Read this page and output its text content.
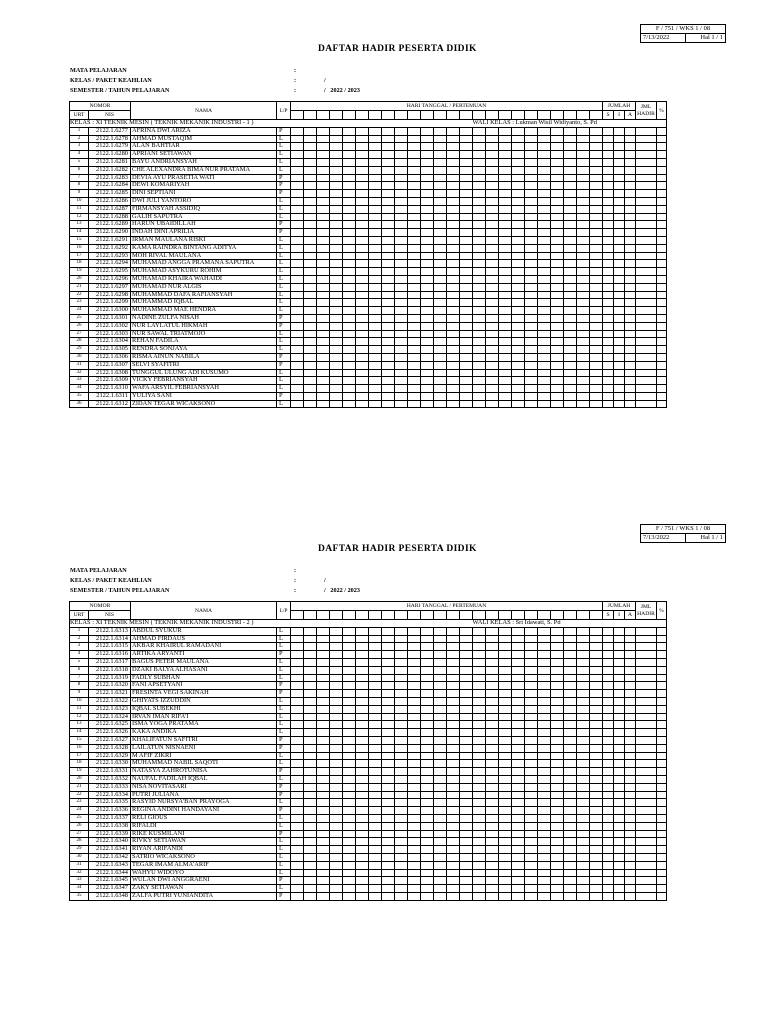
F / 751 / WKS 1 / 08
7/13/2022	Hal 1 / 1
DAFTAR HADIR PESERTA DIDIK
MATA PELAJARAN	:
KELAS / PAKET KEAHLIAN	:	/
SEMESTER / TAHUN PELAJARAN	:	/ 2022 / 2023
NOMOR		NAMA	L/P	HARI TANGGAL / PERTEMUAN																								JUMLAH			JML
HADIR	%
URT	NIS																											S	I	A		
KELAS : XI TEKNIK MESIN ( TEKNIK MEKANIK INDUSTRI - 1 )																		WALI KELAS : Lukman Wisil Widiyanto, S. Pd														
1	2122.1.6277	AFRINA DWI ARIZA	P																													
2	2122.1.6278	AHMAD MUSTAQIM	L																													
3	2122.1.6279	ALAN BAHTIAR	L																													
4	2122.1.6280	APRIANI SETIAWAN	L																													
5	2122.1.6281	BAYU ANDRIANSYAH	L																													
6	2122.1.6282	CHE ALEXANDRA BIMA NUR PRATAMA	L																													
7	2122.1.6283	DEVIA AYU PRASETIA WATI	P																													
8	2122.1.6284	DEWI KOMARIYAH	P																													
9	2122.1.6285	DINI SEPTIANI	P																													
10	2122.1.6286	DWI JULI YANTORO	L																													
11	2122.1.6287	FIRMANSYAH ASSIDIQ	L																													
12	2122.1.6288	GALIH SAPUTRA	L																													
13	2122.1.6289	HARUN UBAIDILLAH	P																													
14	2122.1.6290	INDAH DINI APRILIA	P																													
15	2122.1.6291	IRMAN MAULANA RISKI	L																													
16	2122.1.6292	KAMA RAINDRA BINTANG ADITYA	L																													
17	2122.1.6293	MOH RIVAL MAULANA	L																													
18	2122.1.6294	MUHAMAD ANGGA PRAMANA SAPUTRA	L																													
19	2122.1.6295	MUHAMAD ASYKURU ROHIM	L																													
20	2122.1.6296	MUHAMAD KHAIRA WAHAIDI	L																													
21	2122.1.6297	MUHAMAD NUR ALGIS	L																													
22	2122.1.6298	MUHAMMAD DAFA RAFIANSYAH	L																													
23	2122.1.6299	MUHAMMAD IQBAL	L																													
24	2122.1.6300	MUHAMMAD MAE HENDRA	L																													
25	2122.1.6301	NADINE ZULFA NISAH	P																													
26	2122.1.6302	NUR LAYLATUL HIKMAH	P																													
27	2122.1.6303	NUR SAWAL TRIATMOJO	L																													
28	2122.1.6304	REHAN FADILA	L																													
29	2122.1.6305	RENDRA SONJAYA	L																													
30	2122.1.6306	RISMA AINUN NABILA	P																													
31	2122.1.6307	SELVI SYAFITRI	P																													
32	2122.1.6308	TUNGGUL ULUNG ADI KUSUMO	L																													
33	2122.1.6309	VICKY FEBRIANSYAH	L																													
34	2122.1.6310	WAFA ARSYIL FEBRIANSYAH	L																													
35	2122.1.6311	YULIYA SANI	P																													
36	2122.1.6312	ZIDAN TEGAR WICAKSONO	L																													
F / 751 / WKS 1 / 08
7/13/2022	Hal 1 / 1
DAFTAR HADIR PESERTA DIDIK
MATA PELAJARAN	:
KELAS / PAKET KEAHLIAN	:	/
SEMESTER / TAHUN PELAJARAN	:	/ 2022 / 2023
NOMOR		NAMA	L/P	HARI TANGGAL / PERTEMUAN																								JUMLAH			JML
HADIR	%
URT	NIS																											S	I	A		
KELAS : XI TEKNIK MESIN ( TEKNIK MEKANIK INDUSTRI - 2 )																		WALI KELAS : Sri Idawati, S. Pd														
1	2122.1.6313	ABDUL SYUKUR	L																													
2	2122.1.6314	AHMAD FIRDAUS	L																													
3	2122.1.6315	AKBAR KHAIRUL RAMADANI	L																													
4	2122.1.6316	ARTIKA ARYANTI	P																													
5	2122.1.6317	BAGUS PETER MAULANA	L																													
6	2122.1.6318	DZAKI BALYA ALHASANI	L																													
7	2122.1.6319	FADLY SUBHAN	L																													
8	2122.1.6320	FANI APSETYANI	P																													
9	2122.1.6321	FRESINTA VEGI SAKINAH	P																													
10	2122.1.6322	GHIYATS IZZUDDIN	L																													
11	2122.1.6323	IQBAL SUBEKHI	L																													
12	2122.1.6324	IRVAN IMAN RIFA'I	L																													
13	2122.1.6325	ISMA YOGA PRATAMA	L																													
14	2122.1.6326	KAKA ANDIKA	L																													
15	2122.1.6327	KHALIFATUN SAFITRI	P																													
16	2122.1.6328	LAILATUN NISNAENI	P																													
17	2122.1.6329	M AFIF ZIKRI	L																													
18	2122.1.6330	MUHAMMAD NABIL SAQOTI	L																													
19	2122.1.6331	NATASYA ZAHROTUNISA	P																													
20	2122.1.6332	NAUFAL FADILAH IQBAL	L																													
21	2122.1.6333	NISA NOVITASARI	P																													
22	2122.1.6334	PUTRI JULIANA	P																													
23	2122.1.6335	RASYID NURSYA'BAN PRAYOGA	L																													
24	2122.1.6336	REGINA ANDINI HANDAYANI	P																													
25	2122.1.6337	RELI GIOUS	L																													
26	2122.1.6338	RIFALDI	L																													
27	2122.1.6339	RIKE KUSMILANI	P																													
28	2122.1.6340	RIVKY SETIAWAN	L																													
29	2122.1.6341	RIYAN ARIFANDI	L																													
30	2122.1.6342	SATRIO WICAKSONO	L																													
31	2122.1.6343	TEGAR IMAM ALMA'ARIF	L																													
32	2122.1.6344	WAHYU WIDOYO	L																													
33	2122.1.6345	WULAN DWI ANGGRAENI	P																													
34	2122.1.6347	ZAKY SETIAWAN	L																													
35	2122.1.6348	ZALFA PUTRI YUNIANDITA	P																													
